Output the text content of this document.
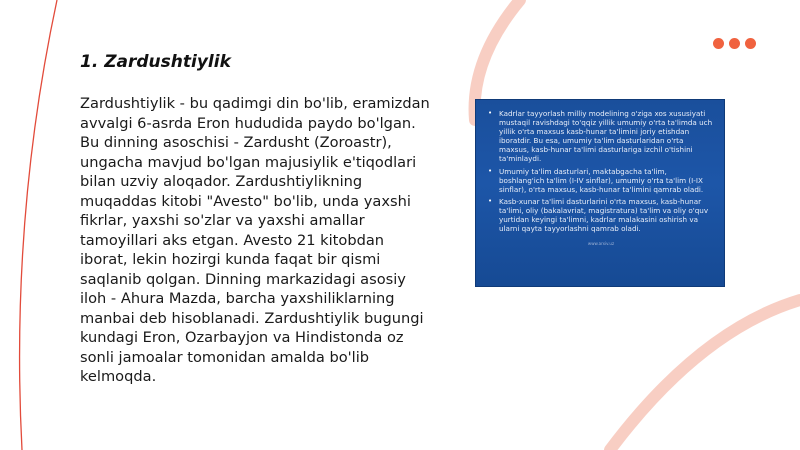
1. Zardushtiylik

Zardushtiylik - bu qadimgi din bo'lib, eramizdan avvalgi 6-asrda Eron hududida paydo bo'lgan. Bu dinning asoschisi - Zardusht (Zoroastr), ungacha mavjud bo'lgan majusiylik e'tiqodlari bilan uzviy aloqador. Zardushtiylikning muqaddas kitobi "Avesto" bo'lib, unda yaxshi fikrlar, yaxshi so'zlar va yaxshi amallar tamoyillari aks etgan. Avesto 21 kitobdan iborat, lekin hozirgi kunda faqat bir qismi saqlanib qolgan. Dinning markazidagi asosiy iloh - Ahura Mazda, barcha yaxshiliklarning manbai deb hisoblanadi. Zardushtiylik bugungi kundagi Eron, Ozarbayjon va Hindistonda oz sonli jamoalar tomonidan amalda bo'lib kelmoqda.

• Kadrlar tayyorlash milliy modelining o'ziga xos xususiyati mustaqil ravishdagi to'qqiz yillik umumiy o'rta ta'limda uch yillik o'rta maxsus kasb-hunar ta'limini joriy etishdan iboratdir. Bu esa, umumiy ta'lim dasturlaridan o'rta maxsus, kasb-hunar ta'limi dasturlariga izchil o'tishini ta'minlaydi.
• Umumiy ta'lim dasturlari, maktabgacha ta'lim, boshlang'ich ta'lim (I-IV sinflar), umumiy o'rta ta'lim (I-IX sinflar), o'rta maxsus, kasb-hunar ta'limini qamrab oladi.
• Kasb-xunar ta'limi dasturlarini o'rta maxsus, kasb-hunar ta'limi, oliy (bakalavriat, magistratura) ta'lim va oliy o'quv yurtidan keyingi ta'limni, kadrlar malakasini oshirish va ularni qayta tayyorlashni qamrab oladi.
www.arxiv.uz
